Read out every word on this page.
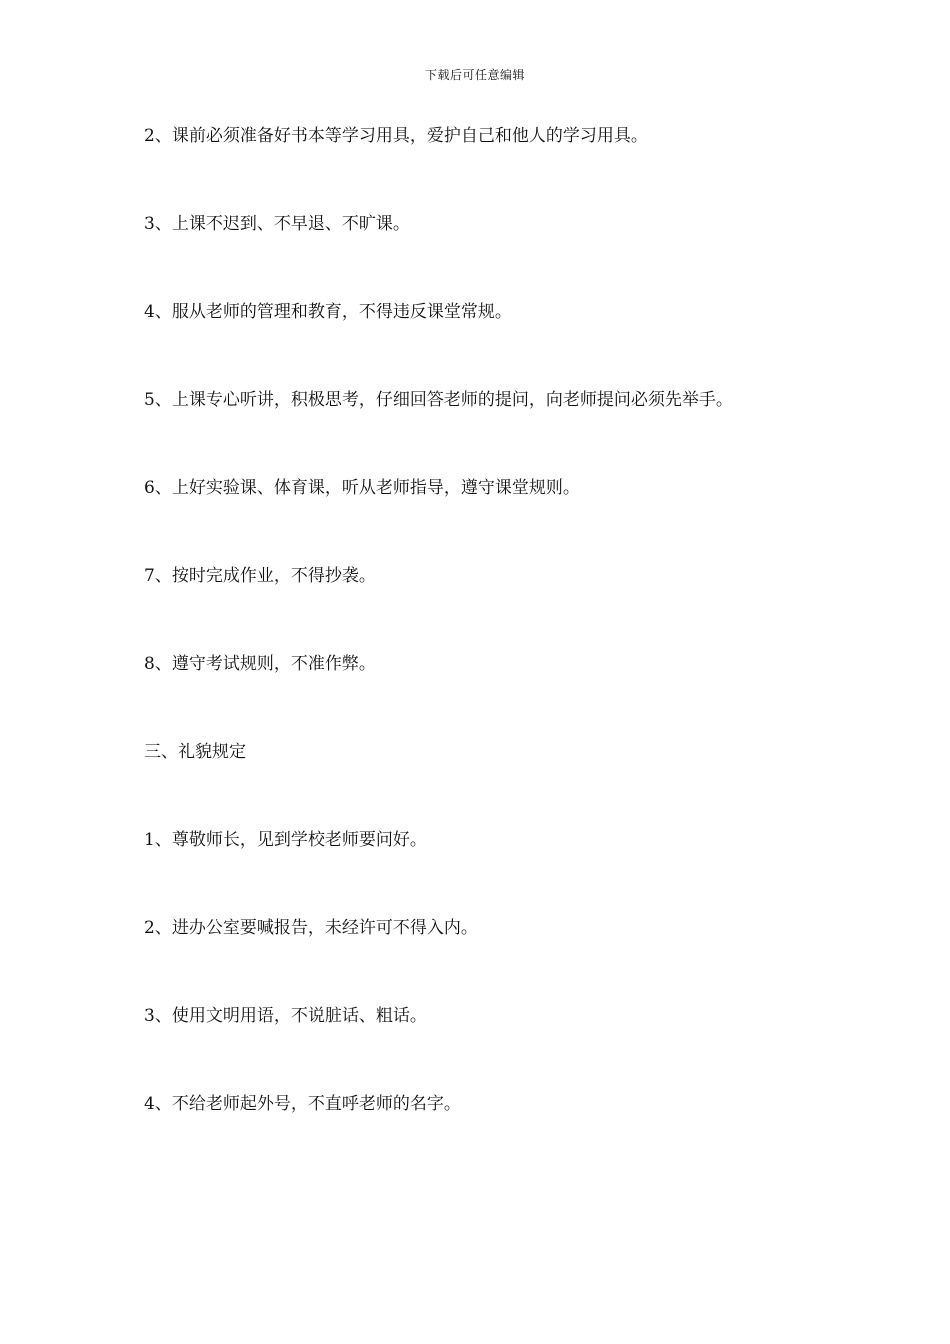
下载后可任意编辑

2、课前必须准备好书本等学习用具，爱护自己和他人的学习用具。

3、上课不迟到、不早退、不旷课。

4、服从老师的管理和教育，不得违反课堂常规。

5、上课专心听讲，积极思考，仔细回答老师的提问，向老师提问必须先举手。

6、上好实验课、体育课，听从老师指导，遵守课堂规则。

7、按时完成作业，不得抄袭。

8、遵守考试规则，不准作弊。

三、礼貌规定

1、尊敬师长，见到学校老师要问好。

2、进办公室要喊报告，未经许可不得入内。

3、使用文明用语，不说脏话、粗话。

4、不给老师起外号，不直呼老师的名字。
